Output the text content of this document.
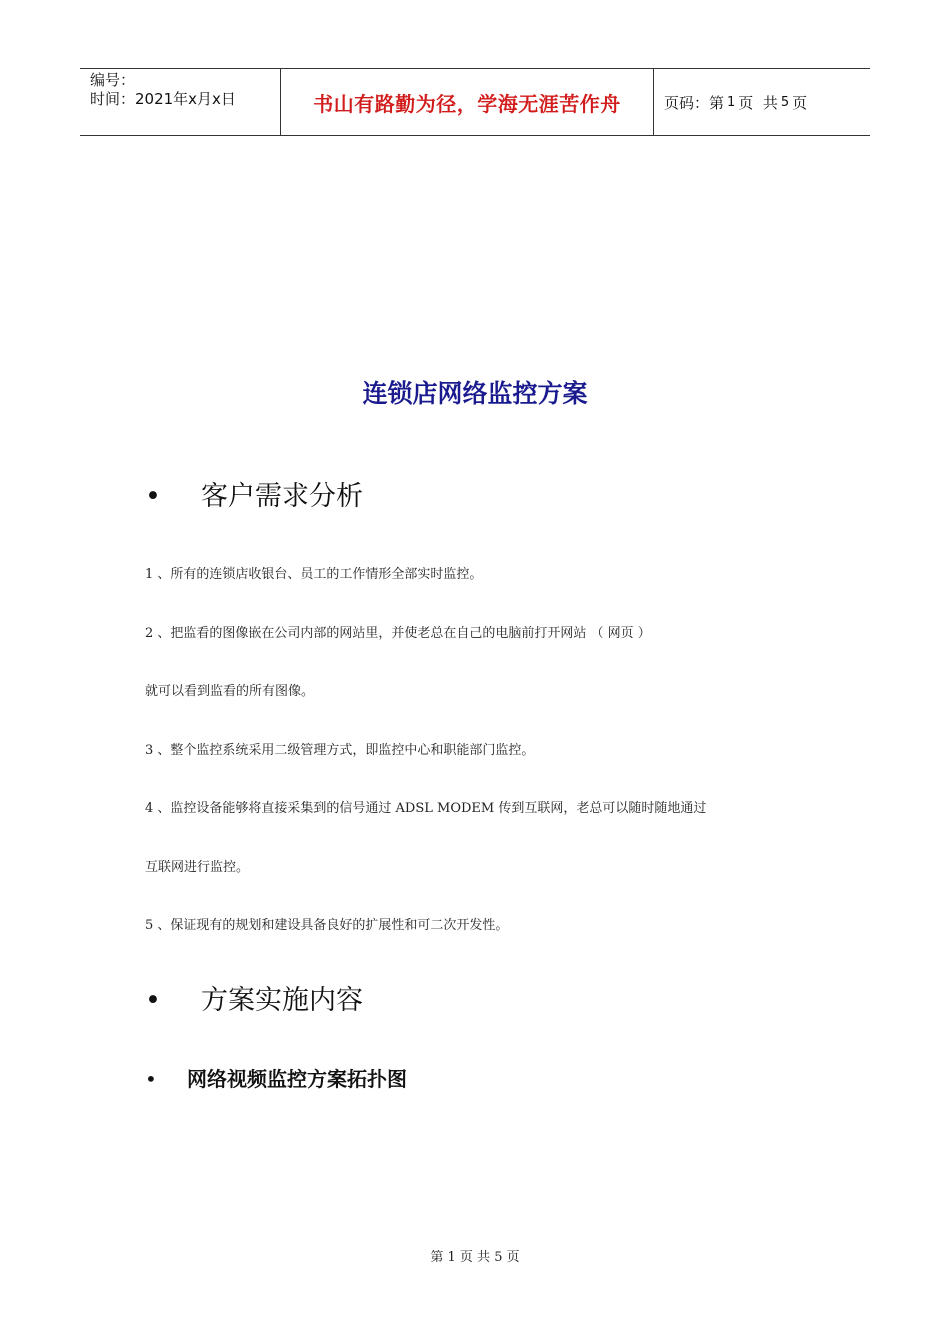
编号：
时间：2021年x月x日	书山有路勤为径，学海无涯苦作舟	页码：第 1 页  共 5 页
连锁店网络监控方案
• 客户需求分析
1 、所有的连锁店收银台、员工的工作情形全部实时监控。
2 、把监看的图像嵌在公司内部的网站里，并使老总在自己的电脑前打开网站 （ 网页 ）
就可以看到监看的所有图像。
3 、整个监控系统采用二级管理方式，即监控中心和职能部门监控。
4 、监控设备能够将直接采集到的信号通过 ADSL MODEM 传到互联网，老总可以随时随地通过
互联网进行监控。
5 、保证现有的规划和建设具备良好的扩展性和可二次开发性。
• 方案实施内容
• 网络视频监控方案拓扑图
第 1 页 共 5 页
